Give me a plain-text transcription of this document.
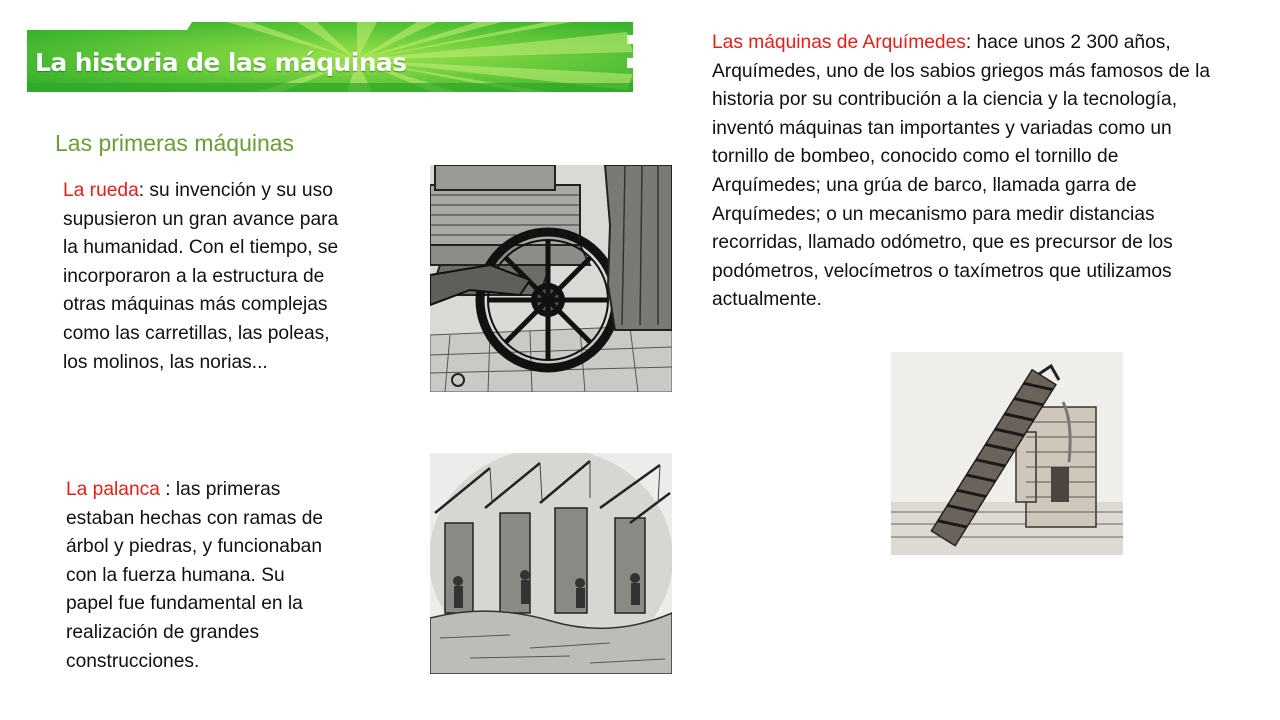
La historia de las máquinas
Las primeras máquinas
La rueda: su invención y su uso
supusieron un gran avance para
la humanidad. Con el tiempo, se
incorporaron a la estructura de
otras máquinas más complejas
como las carretillas, las poleas,
los molinos, las norias...
La palanca : las primeras
estaban hechas con ramas de
árbol y piedras, y funcionaban
con la fuerza humana. Su
papel fue fundamental en la
realización de grandes
construcciones.
Las máquinas de Arquímedes: hace unos 2 300 años,
Arquímedes, uno de los sabios griegos más famosos de la
historia por su contribución a la ciencia y la tecnología,
inventó máquinas tan importantes y variadas como un
tornillo de bombeo, conocido como el tornillo de
Arquímedes; una grúa de barco, llamada garra de
Arquímedes; o un mecanismo para medir distancias
recorridas, llamado odómetro, que es precursor de los
podómetros, velocímetros o taxímetros que utilizamos
actualmente.
